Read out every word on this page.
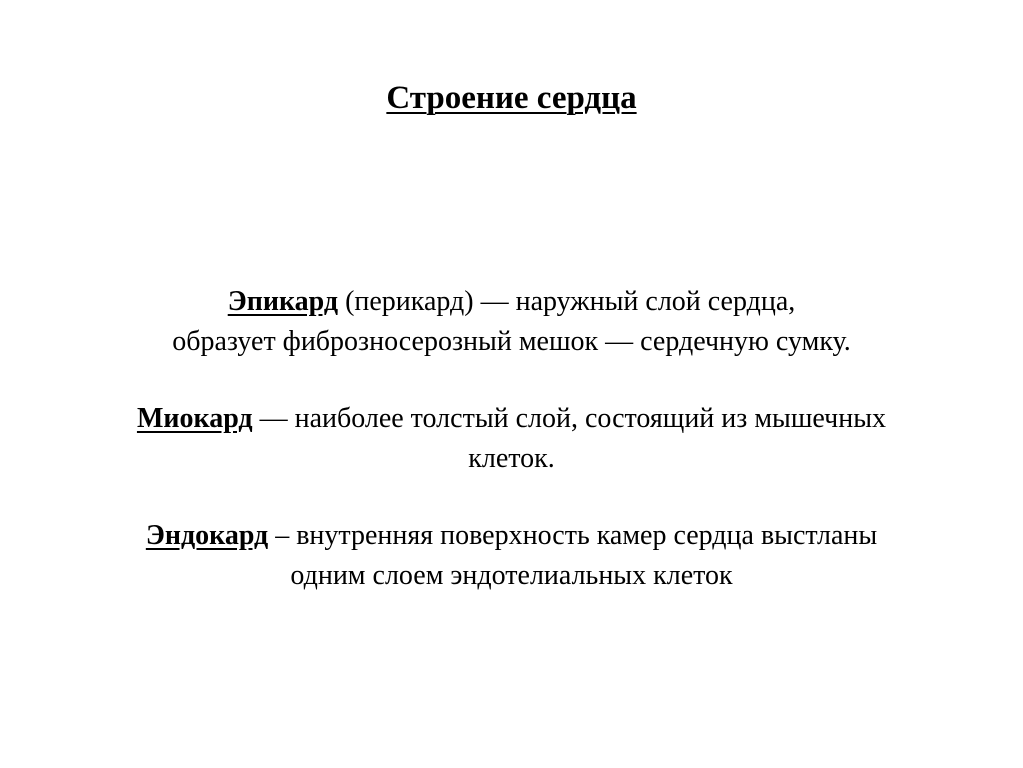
Строение сердца

Эпикард (перикард) — наружный слой сердца,
образует фиброзносерозный мешок — сердечную сумку.

Миокард — наиболее толстый слой, состоящий из мышечных
клеток.

Эндокард – внутренняя поверхность камер сердца выстланы
одним слоем эндотелиальных клеток
